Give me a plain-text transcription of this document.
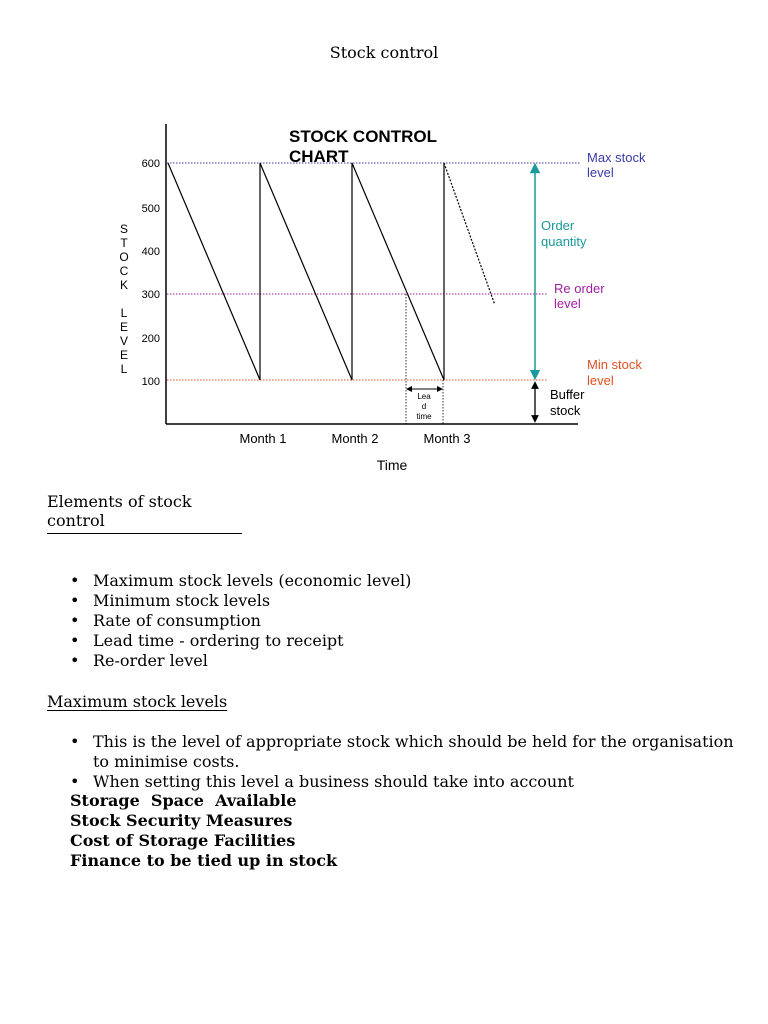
Stock control
600
500
400
300
200
100
S
T
O
C
K
L
E
V
E
L
STOCK CONTROL
CHART
Lea
d
time
Max stock
level
Order
quantity
Re order
level
Min stock
level
Buffer
stock
Month 1	Month 2	Month 3
Time
Elements of stock control
• Maximum stock levels (economic level)
• Minimum stock levels
• Rate of consumption
• Lead time - ordering to receipt
• Re-order level
Maximum stock levels
• This is the level of appropriate stock which should be held for the organisation to minimise costs.
• When setting this level a business should take into account
Storage  Space  Available
Stock Security Measures
Cost of Storage Facilities
Finance to be tied up in stock
